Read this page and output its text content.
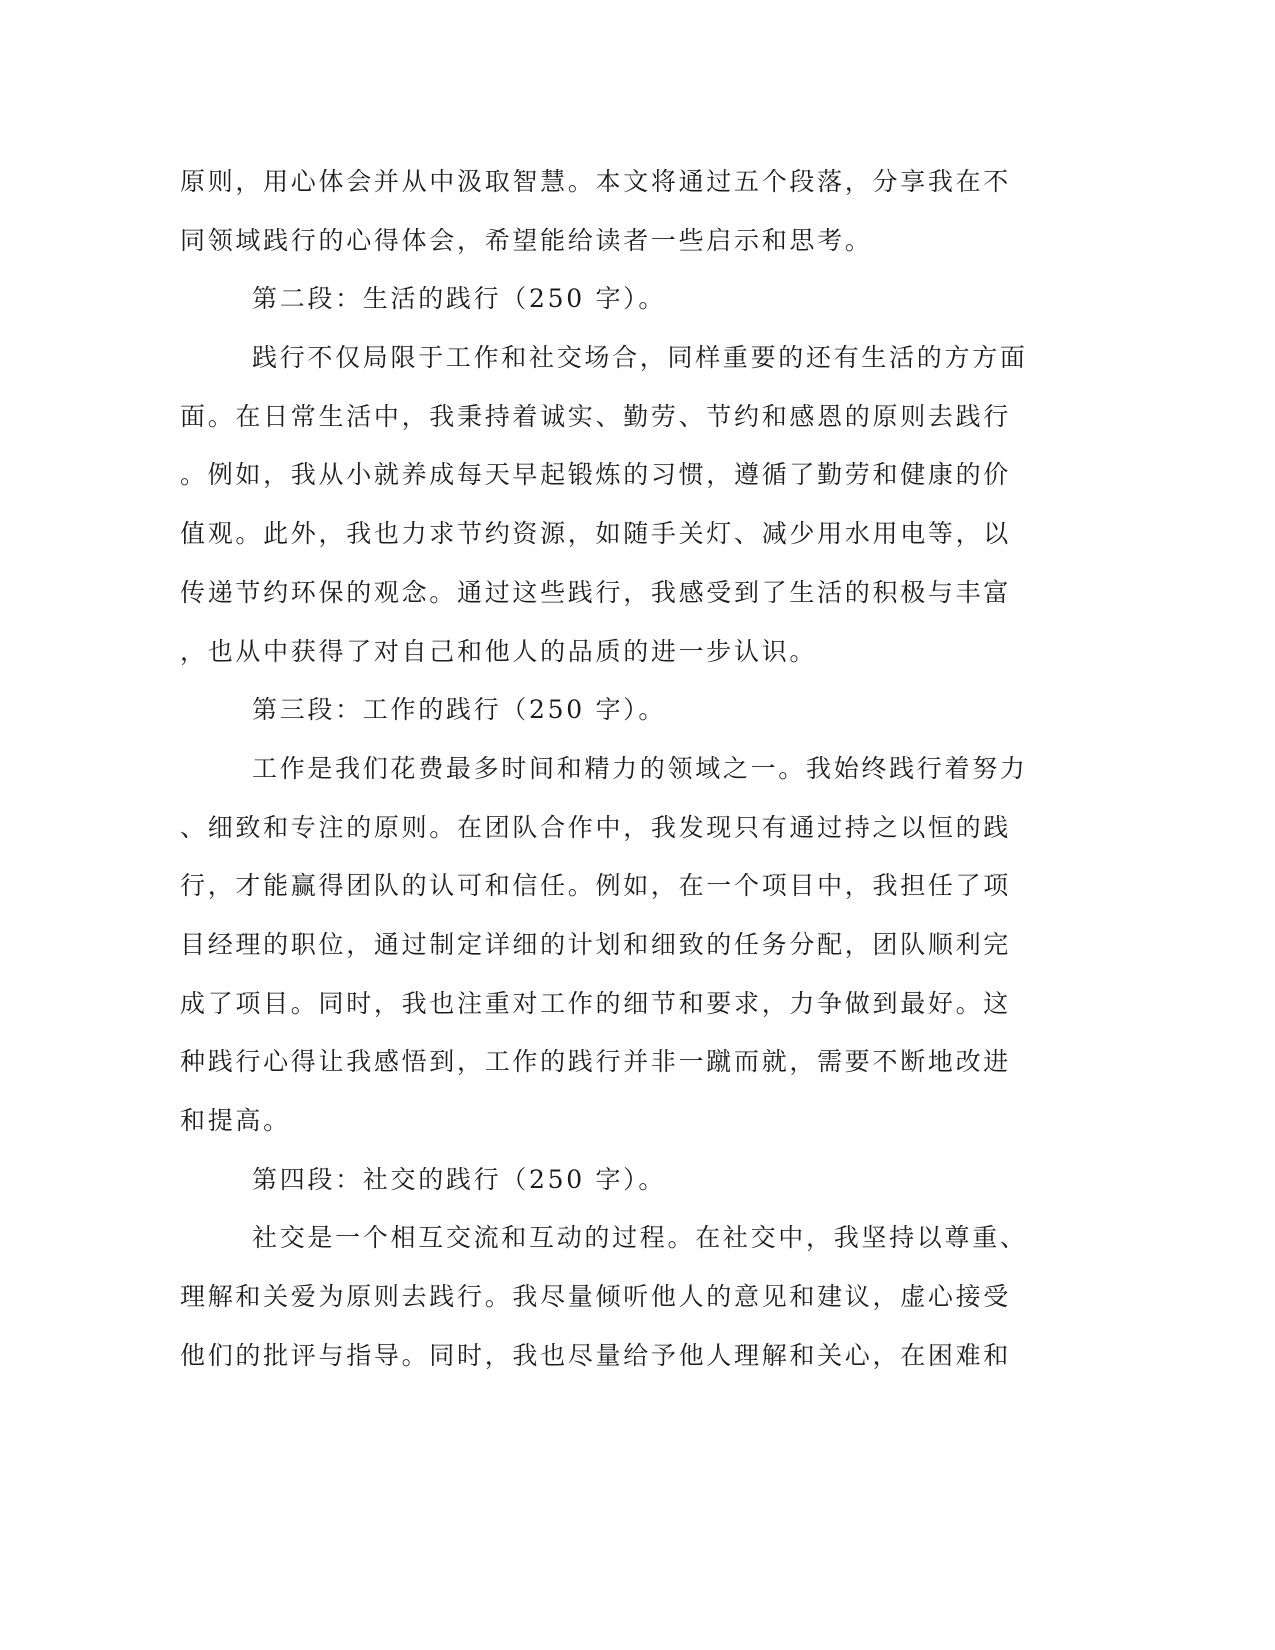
原则，用心体会并从中汲取智慧。本文将通过五个段落，分享我在不
同领域践行的心得体会，希望能给读者一些启示和思考。
第二段：生活的践行（250 字）。
践行不仅局限于工作和社交场合，同样重要的还有生活的方方面
面。在日常生活中，我秉持着诚实、勤劳、节约和感恩的原则去践行
。例如，我从小就养成每天早起锻炼的习惯，遵循了勤劳和健康的价
值观。此外，我也力求节约资源，如随手关灯、减少用水用电等，以
传递节约环保的观念。通过这些践行，我感受到了生活的积极与丰富
，也从中获得了对自己和他人的品质的进一步认识。
第三段：工作的践行（250 字）。
工作是我们花费最多时间和精力的领域之一。我始终践行着努力
、细致和专注的原则。在团队合作中，我发现只有通过持之以恒的践
行，才能赢得团队的认可和信任。例如，在一个项目中，我担任了项
目经理的职位，通过制定详细的计划和细致的任务分配，团队顺利完
成了项目。同时，我也注重对工作的细节和要求，力争做到最好。这
种践行心得让我感悟到，工作的践行并非一蹴而就，需要不断地改进
和提高。
第四段：社交的践行（250 字）。
社交是一个相互交流和互动的过程。在社交中，我坚持以尊重、
理解和关爱为原则去践行。我尽量倾听他人的意见和建议，虚心接受
他们的批评与指导。同时，我也尽量给予他人理解和关心，在困难和
